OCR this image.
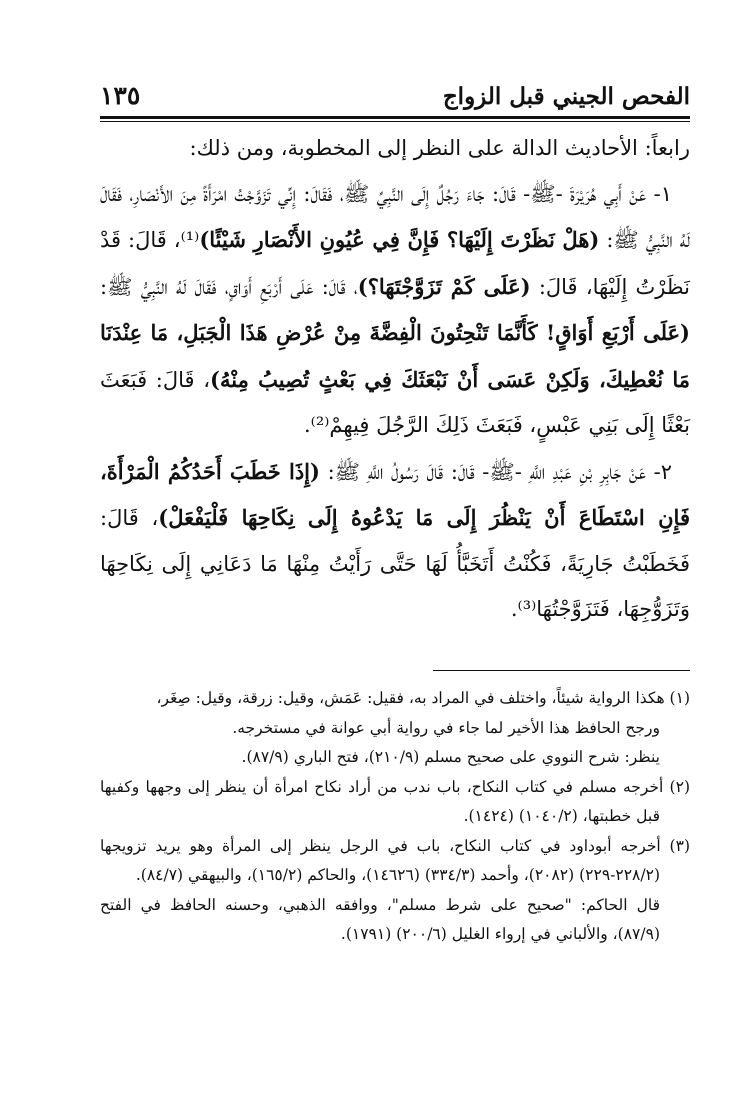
١٣٥	الفحص الجيني قبل الزواج

رابعاً: الأحاديث الدالة على النظر إلى المخطوبة، ومن ذلك:

١- عَنْ أَبِي هُرَيْرَةَ -ﷺ- قَالَ: جَاءَ رَجُلٌ إِلَى النَّبِيِّ ﷺ، فَقَالَ: إِنِّي تَزَوَّجْتُ امْرَأَةً مِنَ الأَنْصَارِ، فَقَالَ لَهُ النَّبِيُّ ﷺ: (هَلْ نَظَرْتَ إِلَيْهَا؟ فَإِنَّ فِي عُيُونِ الأَنْصَارِ شَيْئًا)⁽¹⁾، قَالَ: قَدْ نَظَرْتُ إِلَيْهَا، قَالَ: (عَلَى كَمْ تَزَوَّجْتَهَا؟)، قَالَ: عَلَى أَرْبَعِ أَوَاقٍ، فَقَالَ لَهُ النَّبِيُّ ﷺ: (عَلَى أَرْبَعِ أَوَاقٍ! كَأَنَّمَا تَنْحِتُونَ الْفِضَّةَ مِنْ عُرْضِ هَذَا الْجَبَلِ، مَا عِنْدَنَا مَا نُعْطِيكَ، وَلَكِنْ عَسَى أَنْ نَبْعَثَكَ فِي بَعْثٍ تُصِيبُ مِنْهُ)، قَالَ: فَبَعَثَ بَعْثًا إِلَى بَنِي عَبْسٍ، فَبَعَثَ ذَلِكَ الرَّجُلَ فِيهِمْ⁽²⁾.

٢- عَنْ جَابِرِ بْنِ عَبْدِ اللَّهِ -ﷺ- قَالَ: قَالَ رَسُولُ اللَّهِ ﷺ: (إِذَا خَطَبَ أَحَدُكُمُ الْمَرْأَةَ، فَإِنِ اسْتَطَاعَ أَنْ يَنْظُرَ إِلَى مَا يَدْعُوهُ إِلَى نِكَاحِهَا فَلْيَفْعَلْ)، قَالَ: فَخَطَبْتُ جَارِيَةً، فَكُنْتُ أَتَخَبَّأُ لَهَا حَتَّى رَأَيْتُ مِنْهَا مَا دَعَانِي إِلَى نِكَاحِهَا وَتَزَوُّجِهَا، فَتَزَوَّجْتُهَا⁽³⁾.

(١) هكذا الرواية شيئاً، واختلف في المراد به، فقيل: عَمَش، وقيل: زرقة، وقيل: صِغَر،

ورجح الحافظ هذا الأخير لما جاء في رواية أبي عوانة في مستخرجه.

ينظر: شرح النووي على صحيح مسلم (٢١٠/٩)، فتح الباري (٨٧/٩).

(٢) أخرجه مسلم في كتاب النكاح، باب ندب من أراد نكاح امرأة أن ينظر إلى وجهها وكفيها قبل خطبتها، (١٠٤٠/٢) (١٤٢٤).

(٣) أخرجه أبوداود في كتاب النكاح، باب في الرجل ينظر إلى المرأة وهو يريد تزويجها (٢٢٨/٢-٢٢٩) (٢٠٨٢)، وأحمد (٣٣٤/٣) (١٤٦٢٦)، والحاكم (١٦٥/٢)، والبيهقي (٨٤/٧).

قال الحاكم: "صحيح على شرط مسلم"، ووافقه الذهبي، وحسنه الحافظ في الفتح (٨٧/٩)، والألباني في إرواء الغليل (٢٠٠/٦) (١٧٩١).
